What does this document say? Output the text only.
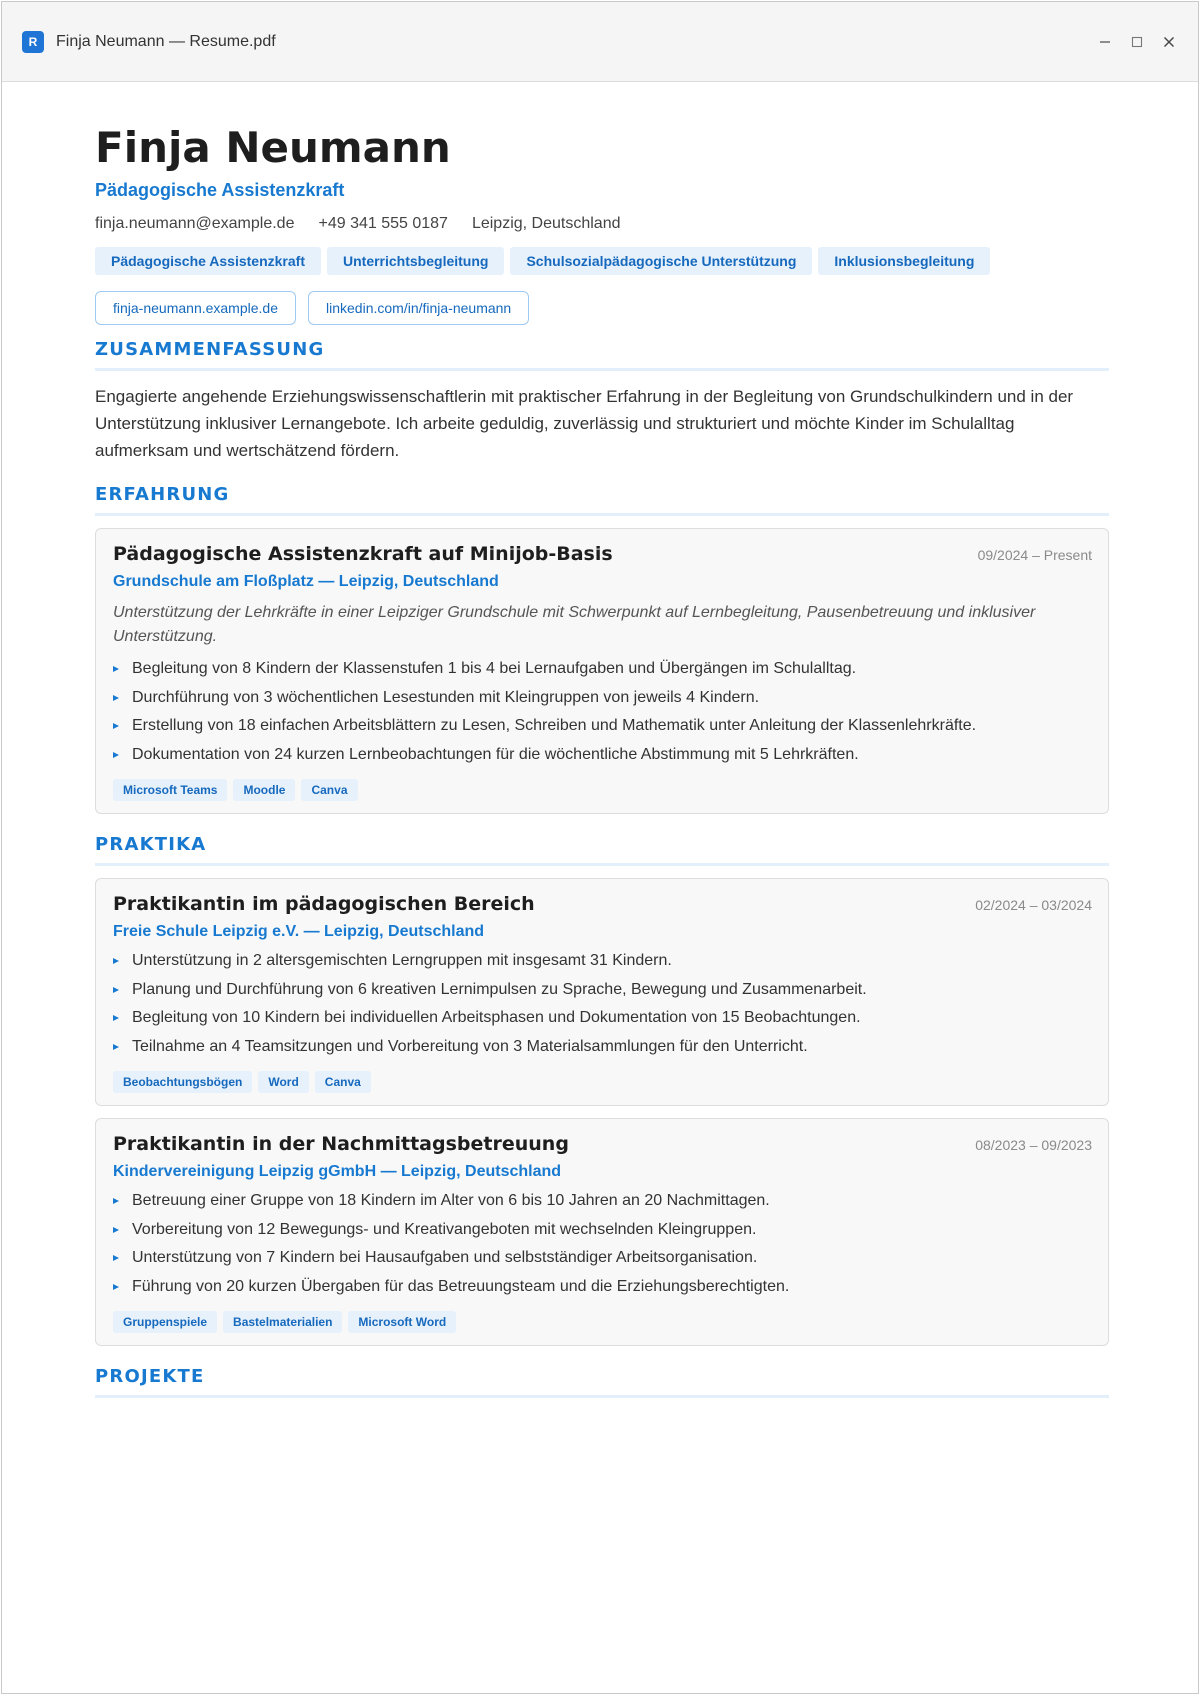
R	Finja Neumann — Resume.pdf
Finja Neumann
Pädagogische Assistenzkraft
finja.neumann@example.de +49 341 555 0187 Leipzig, Deutschland
Pädagogische Assistenzkraft	Unterrichtsbegleitung	Schulsozialpädagogische Unterstützung	Inklusionsbegleitung
finja-neumann.example.de	linkedin.com/in/finja-neumann
ZUSAMMENFASSUNG

Engagierte angehende Erziehungswissenschaftlerin mit praktischer Erfahrung in der Begleitung von Grundschulkindern und in der Unterstützung inklusiver Lernangebote. Ich arbeite geduldig, zuverlässig und strukturiert und möchte Kinder im Schulalltag aufmerksam und wertschätzend fördern.

ERFAHRUNG
Pädagogische Assistenzkraft auf Minijob-Basis	09/2024 – Present
Grundschule am Floßplatz — Leipzig, Deutschland
Unterstützung der Lehrkräfte in einer Leipziger Grundschule mit Schwerpunkt auf Lernbegleitung, Pausenbetreuung und inklusiver Unterstützung.
Begleitung von 8 Kindern der Klassenstufen 1 bis 4 bei Lernaufgaben und Übergängen im Schulalltag.
Durchführung von 3 wöchentlichen Lesestunden mit Kleingruppen von jeweils 4 Kindern.
Erstellung von 18 einfachen Arbeitsblättern zu Lesen, Schreiben und Mathematik unter Anleitung der Klassenlehrkräfte.
Dokumentation von 24 kurzen Lernbeobachtungen für die wöchentliche Abstimmung mit 5 Lehrkräften.
Microsoft Teams	Moodle	Canva
PRAKTIKA
Praktikantin im pädagogischen Bereich	02/2024 – 03/2024
Freie Schule Leipzig e.V. — Leipzig, Deutschland
Unterstützung in 2 altersgemischten Lerngruppen mit insgesamt 31 Kindern.
Planung und Durchführung von 6 kreativen Lernimpulsen zu Sprache, Bewegung und Zusammenarbeit.
Begleitung von 10 Kindern bei individuellen Arbeitsphasen und Dokumentation von 15 Beobachtungen.
Teilnahme an 4 Teamsitzungen und Vorbereitung von 3 Materialsammlungen für den Unterricht.
Beobachtungsbögen	Word	Canva
Praktikantin in der Nachmittagsbetreuung	08/2023 – 09/2023
Kindervereinigung Leipzig gGmbH — Leipzig, Deutschland
Betreuung einer Gruppe von 18 Kindern im Alter von 6 bis 10 Jahren an 20 Nachmittagen.
Vorbereitung von 12 Bewegungs- und Kreativangeboten mit wechselnden Kleingruppen.
Unterstützung von 7 Kindern bei Hausaufgaben und selbstständiger Arbeitsorganisation.
Führung von 20 kurzen Übergaben für das Betreuungsteam und die Erziehungsberechtigten.
Gruppenspiele	Bastelmaterialien	Microsoft Word
PROJEKTE
